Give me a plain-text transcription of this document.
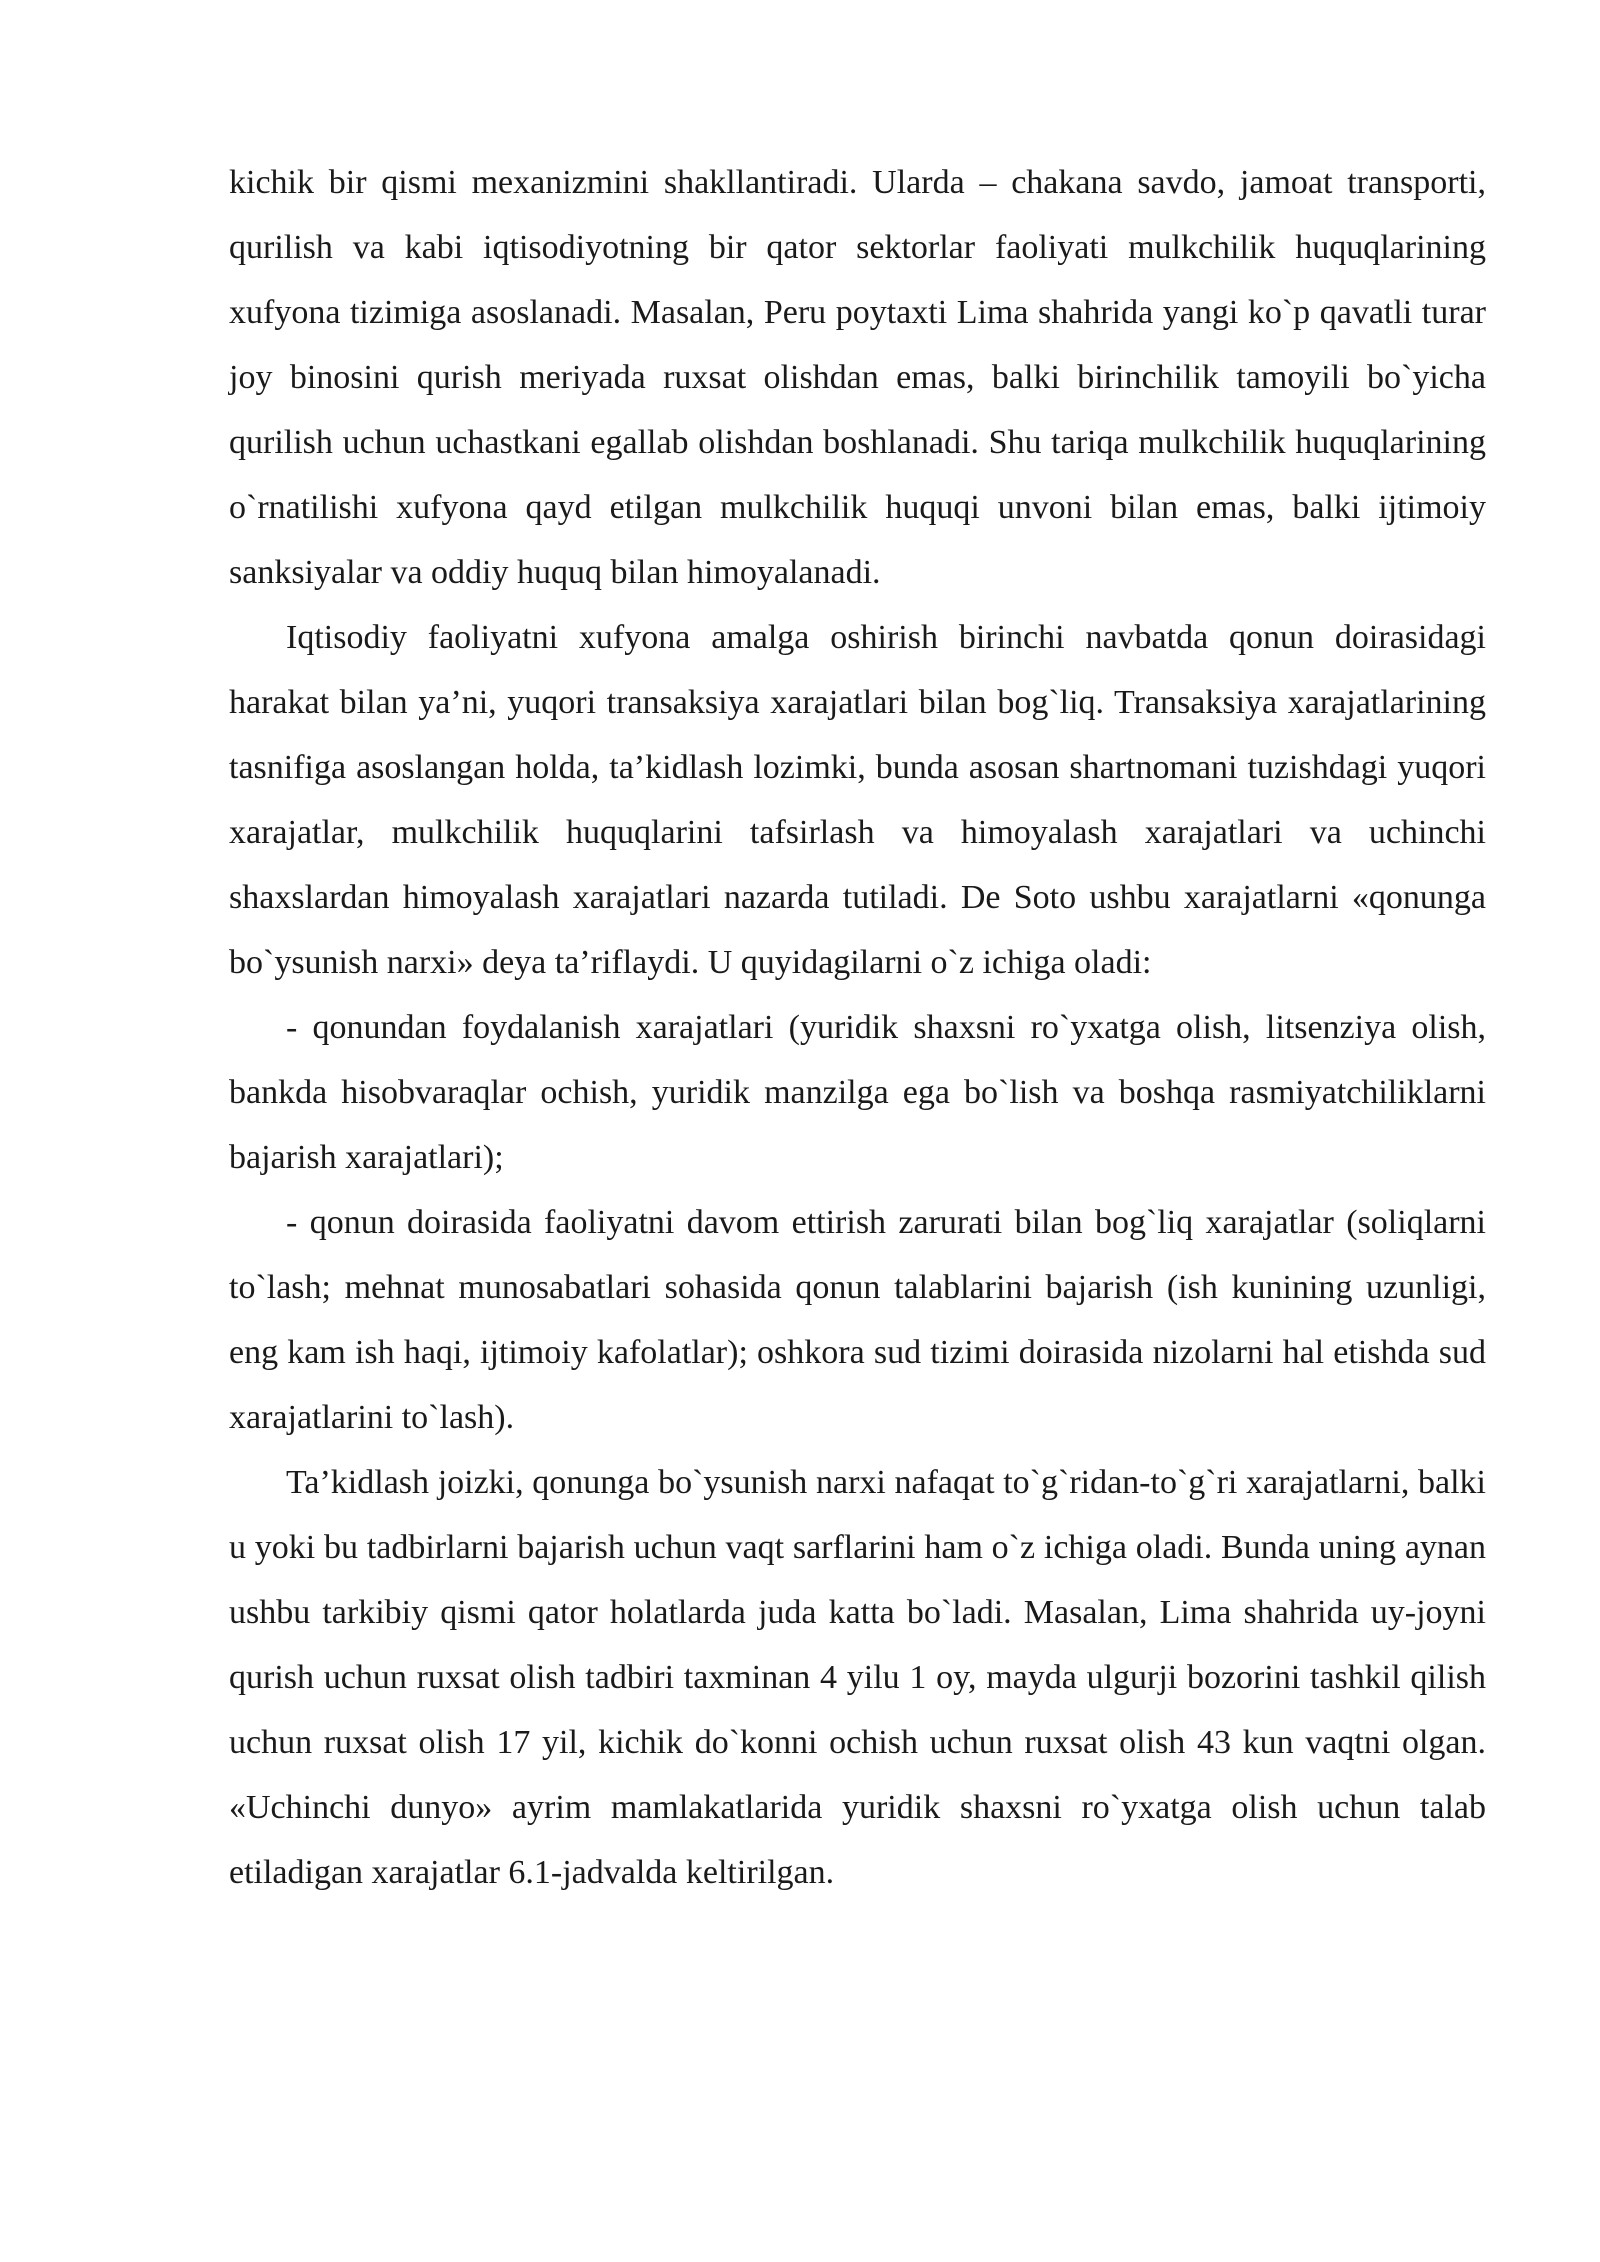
kichik bir qismi mexanizmini shakllantiradi. Ularda – chakana savdo, jamoat transporti, qurilish va kabi iqtisodiyotning bir qator sektorlar faoliyati mulkchilik huquqlarining xufyona tizimiga asoslanadi. Masalan, Peru poytaxti Lima shahrida yangi ko`p qavatli turar joy binosini qurish meriyada ruxsat olishdan emas, balki birinchilik tamoyili bo`yicha qurilish uchun uchastkani egallab olishdan boshlanadi. Shu tariqa mulkchilik huquqlarining o`rnatilishi xufyona qayd etilgan mulkchilik huquqi unvoni bilan emas, balki ijtimoiy sanksiyalar va oddiy huquq bilan himoyalanadi.

Iqtisodiy faoliyatni xufyona amalga oshirish birinchi navbatda qonun doirasidagi harakat bilan ya’ni, yuqori transaksiya xarajatlari bilan bog`liq. Transaksiya xarajatlarining tasnifiga asoslangan holda, ta’kidlash lozimki, bunda asosan shartnomani tuzishdagi yuqori xarajatlar, mulkchilik huquqlarini tafsirlash va himoyalash xarajatlari va uchinchi shaxslardan himoyalash xarajatlari nazarda tutiladi. De Soto ushbu xarajatlarni «qonunga bo`ysunish narxi» deya ta’riflaydi. U quyidagilarni o`z ichiga oladi:

- qonundan foydalanish xarajatlari (yuridik shaxsni ro`yxatga olish, litsenziya olish, bankda hisobvaraqlar ochish, yuridik manzilga ega bo`lish va boshqa rasmiyatchiliklarni bajarish xarajatlari);

- qonun doirasida faoliyatni davom ettirish zarurati bilan bog`liq xarajatlar (soliqlarni to`lash; mehnat munosabatlari sohasida qonun talablarini bajarish (ish kunining uzunligi, eng kam ish haqi, ijtimoiy kafolatlar); oshkora sud tizimi doirasida nizolarni hal etishda sud xarajatlarini to`lash).

Ta’kidlash joizki, qonunga bo`ysunish narxi nafaqat to`g`ridan-to`g`ri xarajatlarni, balki u yoki bu tadbirlarni bajarish uchun vaqt sarflarini ham o`z ichiga oladi. Bunda uning aynan ushbu tarkibiy qismi qator holatlarda juda katta bo`ladi. Masalan, Lima shahrida uy-joyni qurish uchun ruxsat olish tadbiri taxminan 4 yilu 1 oy, mayda ulgurji bozorini tashkil qilish uchun ruxsat olish 17 yil, kichik do`konni ochish uchun ruxsat olish 43 kun vaqtni olgan. «Uchinchi dunyo» ayrim mamlakatlarida yuridik shaxsni ro`yxatga olish uchun talab etiladigan xarajatlar 6.1-jadvalda keltirilgan.
